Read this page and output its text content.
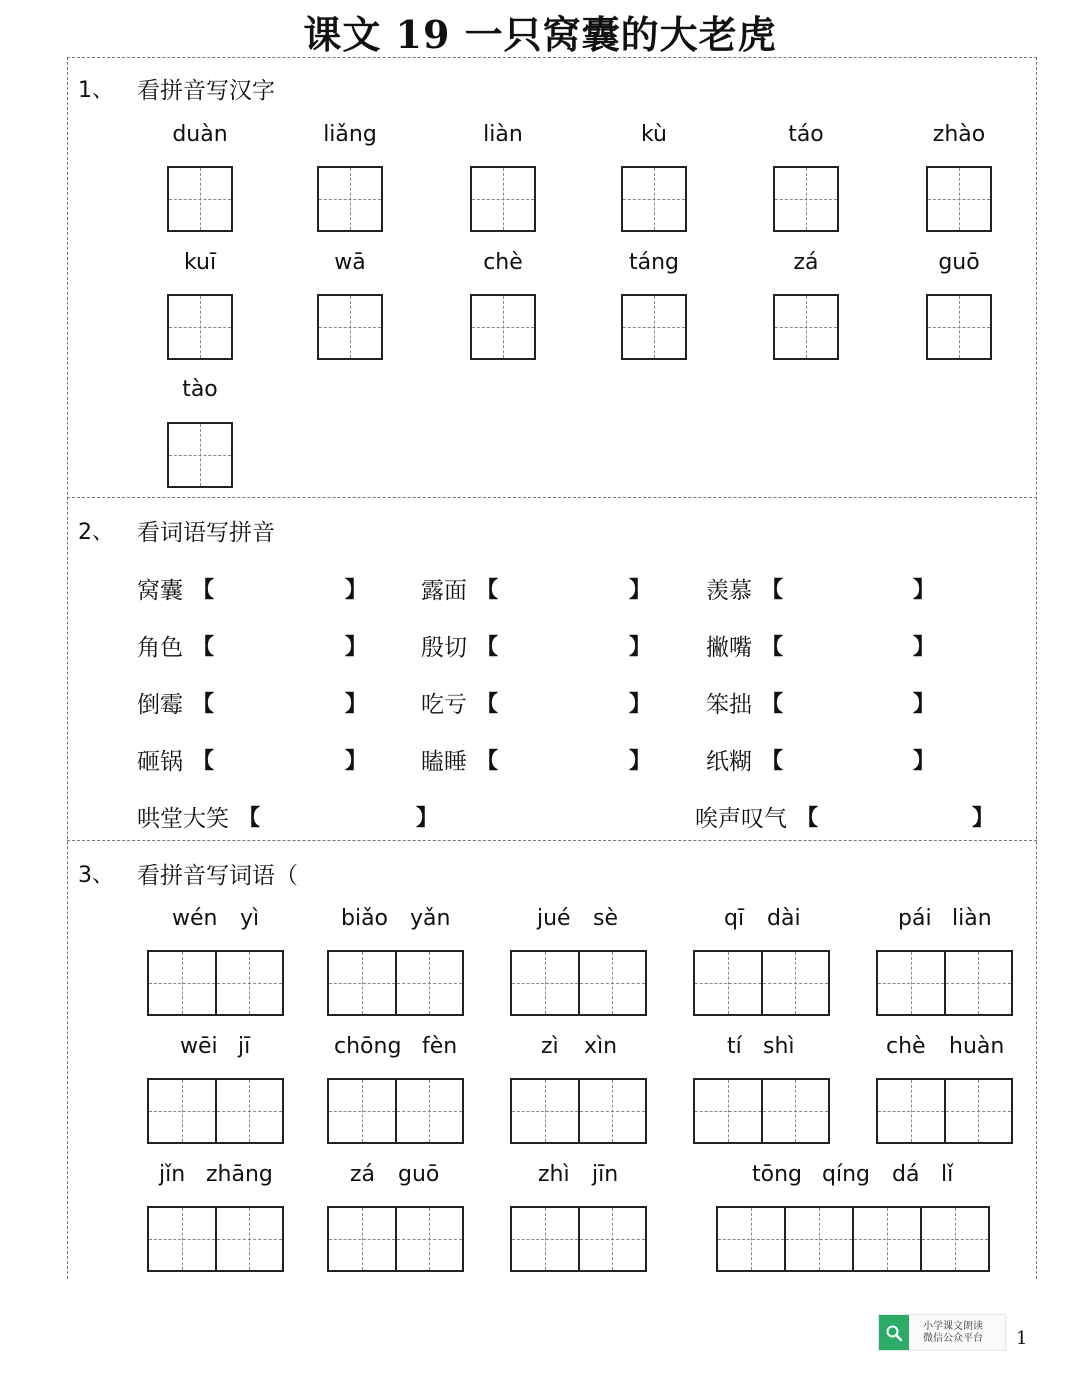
课文 19 一只窝囊的大老虎
1、 看拼音写汉字
duàn	liǎng	liàn	kù	táo	zhào
kuī	wā	chè	táng	zá	guō
tào
2、 看词语写拼音
窝囊 【	】 露面 【	】 羡慕 【	】
角色 【	】 殷切 【	】 撇嘴 【	】
倒霉 【	】 吃亏 【	】 笨拙 【	】
砸锅 【	】 瞌睡 【	】 纸糊 【	】
哄堂大笑 【	】	唉声叹气 【	】
3、 看拼音写词语（
wén yì	biǎo yǎn	jué sè	qī dài	pái liàn
wēi jī	chōng fèn	zì xìn	tí shì	chè huàn
jǐn zhāng	zá guō	zhì jīn	tōng qíng dá lǐ
小学课文朗读
微信公众平台 1
